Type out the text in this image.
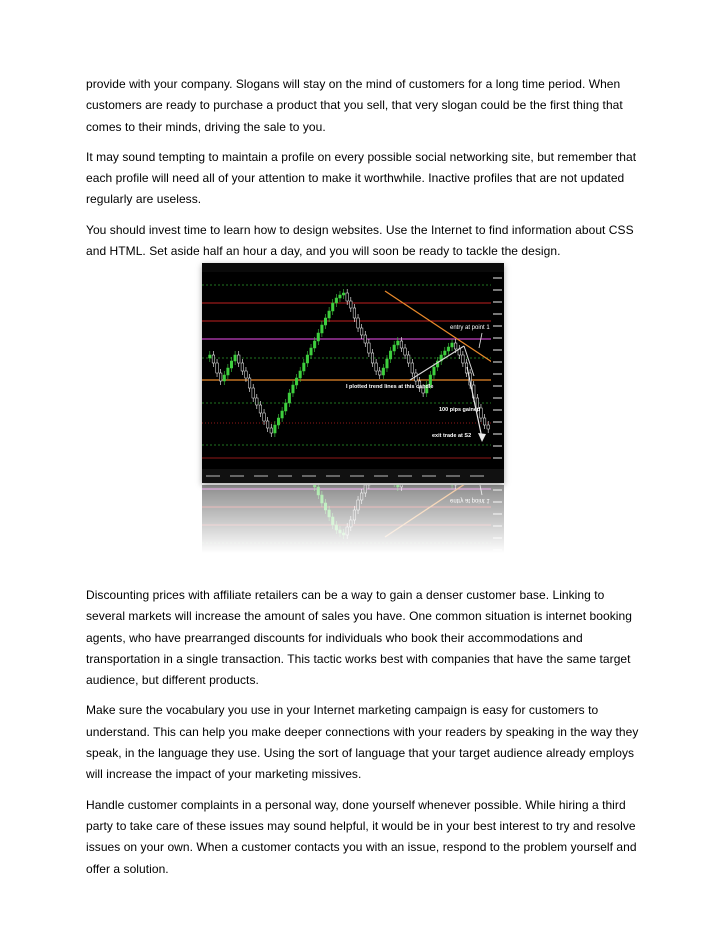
provide with your company. Slogans will stay on the mind of customers for a long time period. When customers are ready to purchase a product that you sell, that very slogan could be the first thing that comes to their minds, driving the sale to you.

It may sound tempting to maintain a profile on every possible social networking site, but remember that each profile will need all of your attention to make it worthwhile. Inactive profiles that are not updated regularly are useless.

You should invest time to learn how to design websites. Use the Internet to find information about CSS and HTML. Set aside half an hour a day, and you will soon be ready to tackle the design.

entry at point 1
I plotted trend lines at this candle
100 pips gained
exit trade at S2

Discounting prices with affiliate retailers can be a way to gain a denser customer base. Linking to several markets will increase the amount of sales you have. One common situation is internet booking agents, who have prearranged discounts for individuals who book their accommodations and transportation in a single transaction. This tactic works best with companies that have the same target audience, but different products.

Make sure the vocabulary you use in your Internet marketing campaign is easy for customers to understand. This can help you make deeper connections with your readers by speaking in the way they speak, in the language they use. Using the sort of language that your target audience already employs will increase the impact of your marketing missives.

Handle customer complaints in a personal way, done yourself whenever possible. While hiring a third party to take care of these issues may sound helpful, it would be in your best interest to try and resolve issues on your own. When a customer contacts you with an issue, respond to the problem yourself and offer a solution.
